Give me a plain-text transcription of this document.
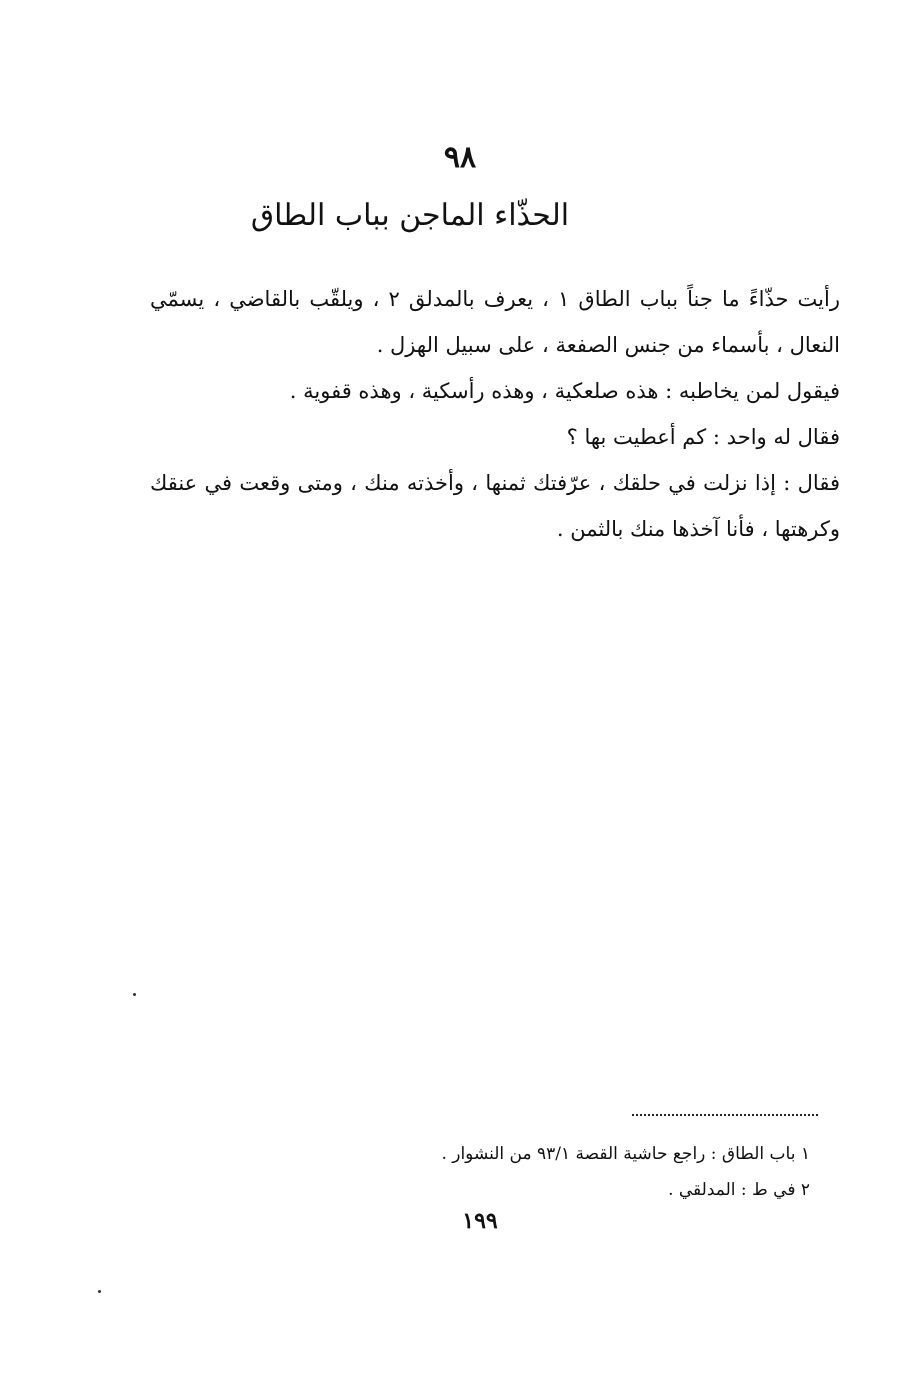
٩٨
الحذّاء الماجن بباب الطاق

رأيت حذّاءً ما جناً بباب الطاق ١ ، يعرف بالمدلق ٢ ، ويلقّب بالقاضي ، يسمّي النعال ، بأسماء من جنس الصفعة ، على سبيل الهزل .

فيقول لمن يخاطبه : هذه صلعكية ، وهذه رأسكية ، وهذه قفوية .

فقال له واحد : كم أعطيت بها ؟

فقال : إذا نزلت في حلقك ، عرّفتك ثمنها ، وأخذته منك ، ومتى وقعت في عنقك وكرهتها ، فأنا آخذها منك بالثمن .

١ باب الطاق : راجع حاشية القصة ٩٣/١ من النشوار .

٢ في ط : المدلقي .

١٩٩
